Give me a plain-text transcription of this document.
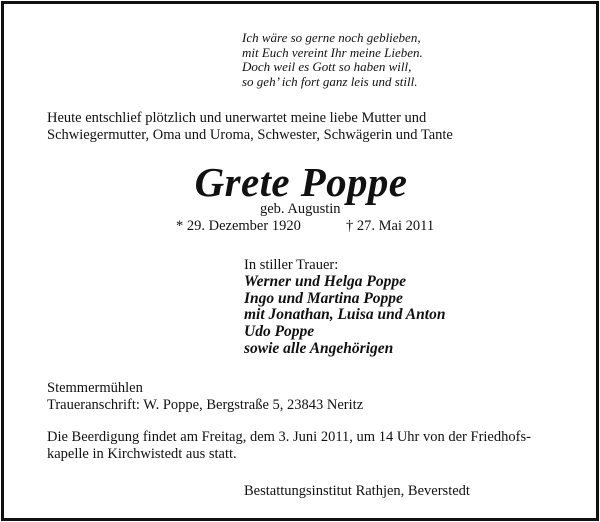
Ich wäre so gerne noch geblieben,
mit Euch vereint Ihr meine Lieben.
Doch weil es Gott so haben will,
so geh’ ich fort ganz leis und still.
Heute entschlief plötzlich und unerwartet meine liebe Mutter und
Schwiegermutter, Oma und Uroma, Schwester, Schwägerin und Tante
Grete Poppe
geb. Augustin
* 29. Dezember 1920	† 27. Mai 2011
In stiller Trauer:
Werner und Helga Poppe
Ingo und Martina Poppe
mit Jonathan, Luisa und Anton
Udo Poppe
sowie alle Angehörigen
Stemmermühlen
Traueranschrift: W. Poppe, Bergstraße 5, 23843 Neritz
Die Beerdigung findet am Freitag, dem 3. Juni 2011, um 14 Uhr von der Friedhofs-
kapelle in Kirchwistedt aus statt.
Bestattungsinstitut Rathjen, Beverstedt
